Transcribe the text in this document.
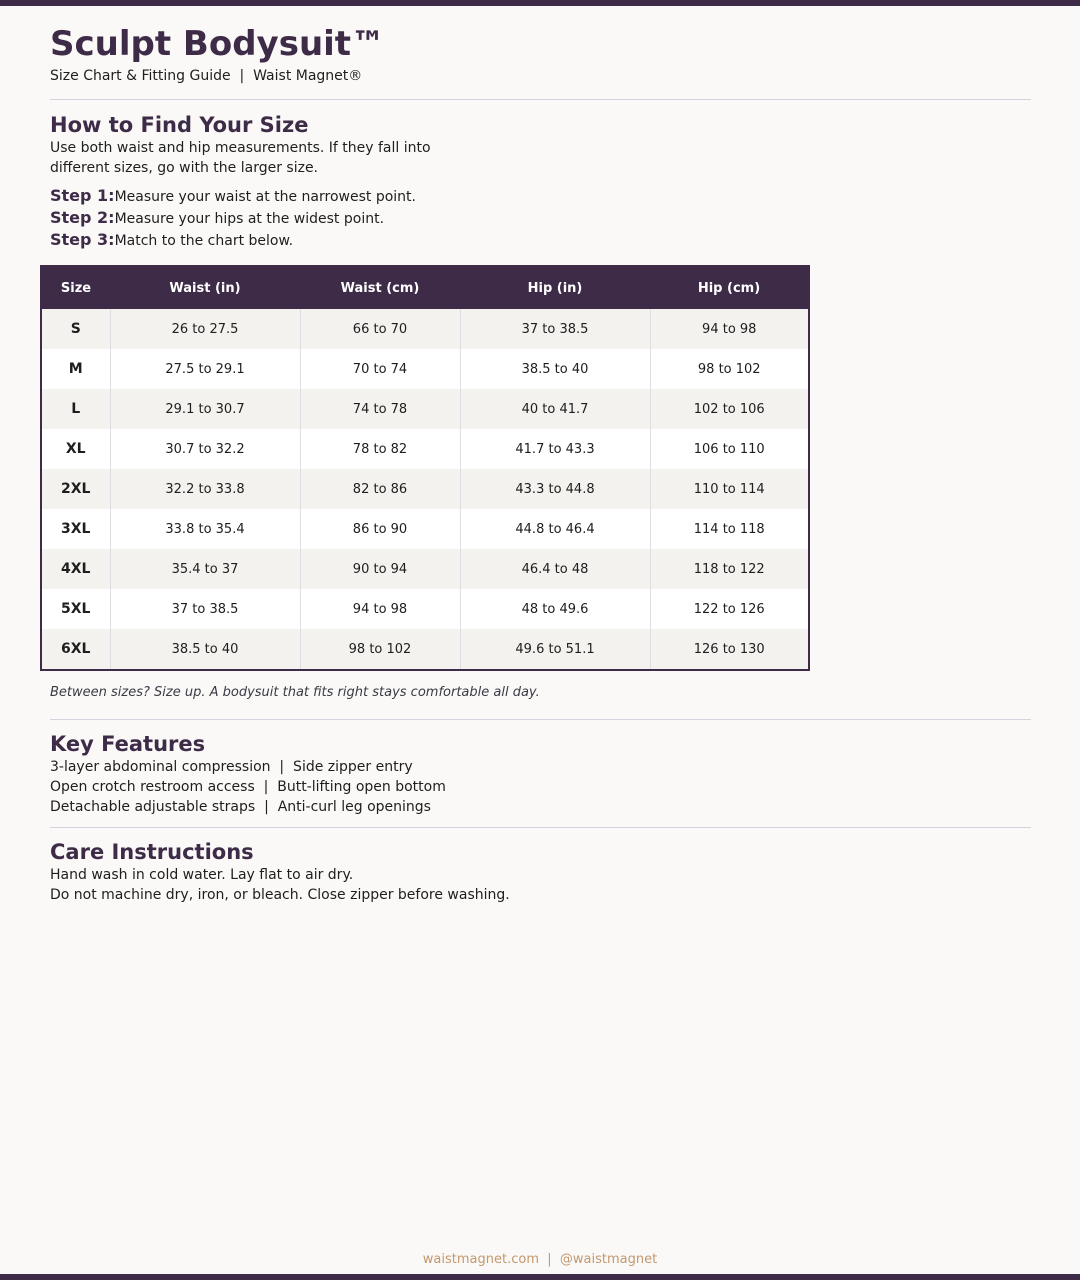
Sculpt Bodysuit™
Size Chart & Fitting Guide  |  Waist Magnet®
How to Find Your Size
Use both waist and hip measurements. If they fall into different sizes, go with the larger size.
Step 1: Measure your waist at the narrowest point.
Step 2: Measure your hips at the widest point.
Step 3: Match to the chart below.
Size	Waist (in)	Waist (cm)	Hip (in)	Hip (cm)
S	26 to 27.5	66 to 70	37 to 38.5	94 to 98
M	27.5 to 29.1	70 to 74	38.5 to 40	98 to 102
L	29.1 to 30.7	74 to 78	40 to 41.7	102 to 106
XL	30.7 to 32.2	78 to 82	41.7 to 43.3	106 to 110
2XL	32.2 to 33.8	82 to 86	43.3 to 44.8	110 to 114
3XL	33.8 to 35.4	86 to 90	44.8 to 46.4	114 to 118
4XL	35.4 to 37	90 to 94	46.4 to 48	118 to 122
5XL	37 to 38.5	94 to 98	48 to 49.6	122 to 126
6XL	38.5 to 40	98 to 102	49.6 to 51.1	126 to 130
Between sizes? Size up. A bodysuit that fits right stays comfortable all day.
Key Features
3-layer abdominal compression  |  Side zipper entry
Open crotch restroom access  |  Butt-lifting open bottom
Detachable adjustable straps  |  Anti-curl leg openings
Care Instructions
Hand wash in cold water. Lay flat to air dry.
Do not machine dry, iron, or bleach. Close zipper before washing.
waistmagnet.com  |  @waistmagnet
